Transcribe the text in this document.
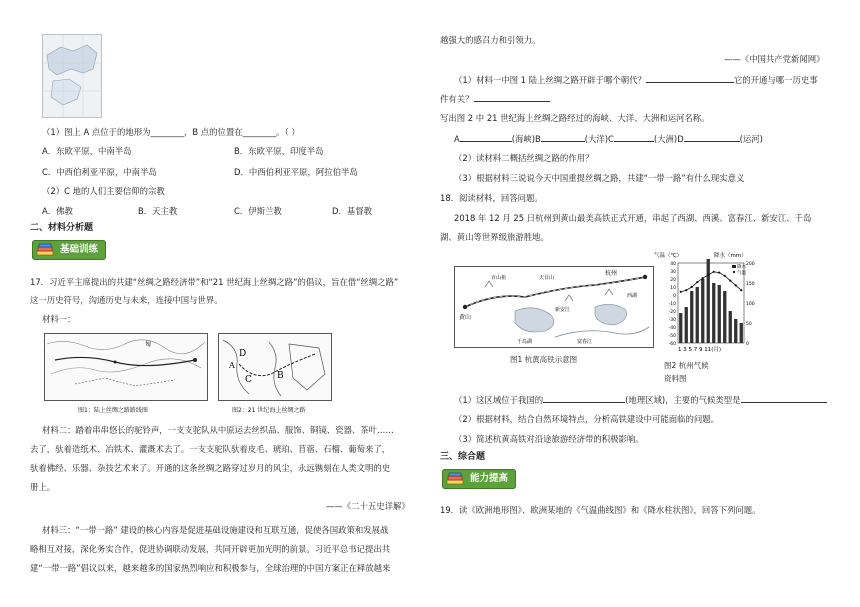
（1）图上 A 点位于的地形为________，B 点的位置在________。（ ）

A．东欧平原，中南半岛	B．东欧平原，印度半岛

C．中西伯利亚平原，中南半岛	D．中西伯利亚平原，阿拉伯半岛

（2）C 地的人们主要信仰的宗教

A．佛教	B．天主教	C．伊斯兰教	D．基督教

二、材料分析题

基础训练

17．习近平主席提出的共建“丝绸之路经济带”和“21 世纪海上丝绸之路”的倡议，旨在借“丝绸之路”

这一历史符号，沟通历史与未来，连接中国与世界。

材料一：

匈
图1：陆上丝绸之路路线图
D
C
A
B
图2：21 世纪海上丝绸之路

材料二：踏着串串悠长的驼铃声，一支支驼队从中原运去丝织品、服饰、铜镜、瓷器、茶叶……

去了，驮着造纸术、冶铁术、灌溉术去了。一支支驼队驮着皮毛、琥珀、苜蓿、石榴、葡萄来了，

驮着佛经、乐器、杂技艺术来了。开通的这条丝绸之路穿过岁月的风尘，永远镌刻在人类文明的史

册上。

——《二十五史详解》

材料三：“一带一路” 建设的核心内容是促进基础设施建设和互联互通，促使各国政策和发展战

略相互对接，深化务实合作，促进协调联动发展，共同开辟更加光明的前景。习近平总书记提出共

建“一带一路”倡议以来，越来越多的国家热烈响应和积极参与，全球治理的中国方案正在释放越来

越强大的感召力和引领力。

——《中国共产党新闻网》

（1）材料一中图 1 陆上丝绸之路开辟于哪个朝代？	它的开通与哪一历史事

件有关？

写出图 2 中 21 世纪海上丝绸之路经过的海峡、大洋、大洲和运河名称。

A	(海峡)B	(大洋)C	(大洲)D	(运河)

（2）读材料二概括丝绸之路的作用？

（3）根据材料三说说今天中国重提丝绸之路，共建“一带一路”有什么现实意义

18．阅读材料，回答问题。

2018 年 12 月 25 日杭州到黄山最美高铁正式开通，串起了西湖、西溪、富春江、新安江、千岛

湖、黄山等世界级旅游胜地。

杭州
黄山
西湖
千岛湖
新安江
富春江
天目山
百山祖
图1 杭黄高铁示意图
气温（℃）	降水（mm）
40
30
20
10
0
-10
-20
-30
-40
-50
-60
200
150
100
50
0
1 3 5 7 9 11(月)
降水
气温
图2 杭州气候
资料图

（1）这区域位于我国的	(地理区域)，主要的气候类型是

（2）根据材料，结合自然环境特点，分析高铁建设中可能面临的问题。

（3）简述杭黄高铁对沿途旅游经济带的积极影响。

三、综合题

能力提高

19．读《欧洲地形图》、欧洲某地的《气温曲线图》和《降水柱状图》，回答下列问题。
